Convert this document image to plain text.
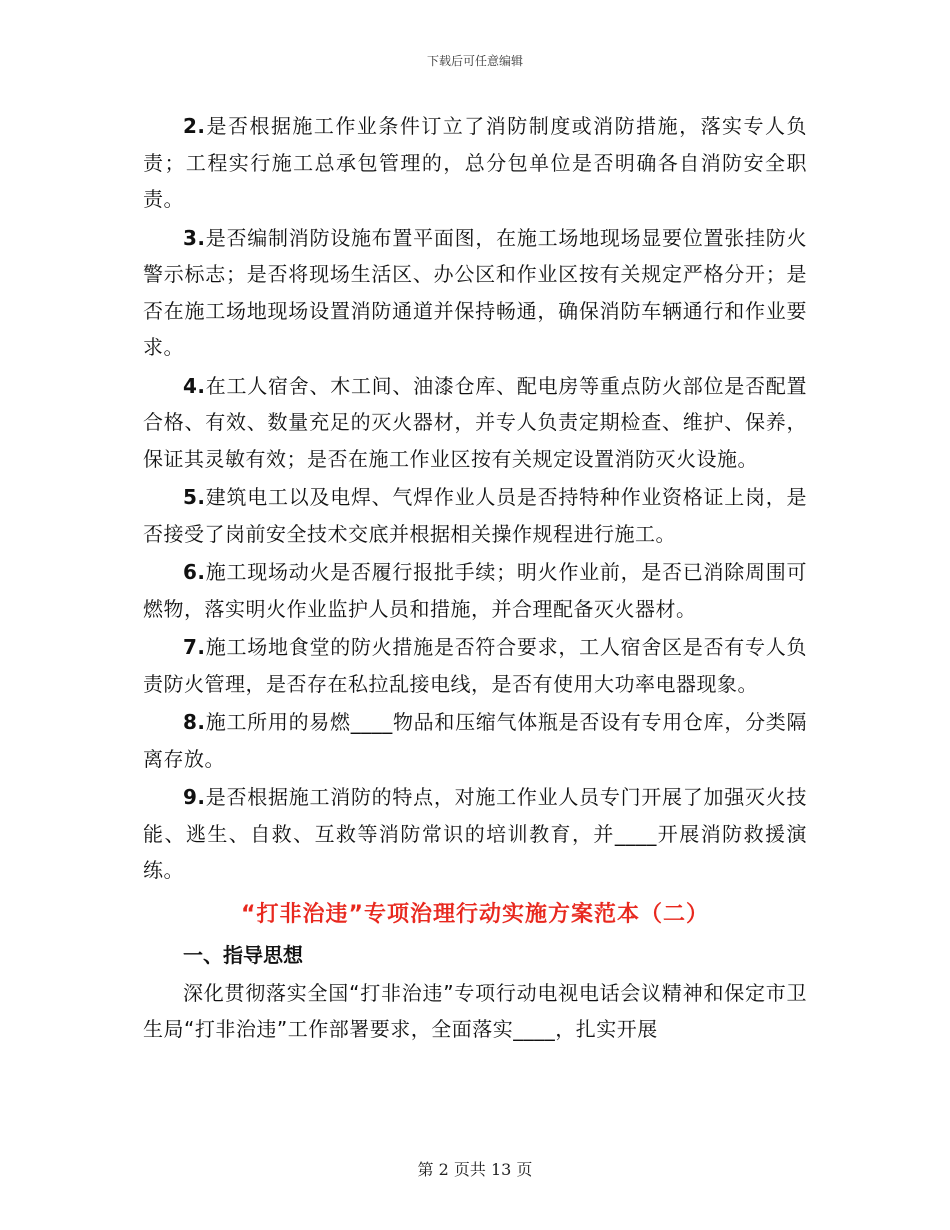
下载后可任意编辑

2.是否根据施工作业条件订立了消防制度或消防措施，落实专人负责；工程实行施工总承包管理的，总分包单位是否明确各自消防安全职责。

3.是否编制消防设施布置平面图，在施工场地现场显要位置张挂防火警示标志；是否将现场生活区、办公区和作业区按有关规定严格分开；是否在施工场地现场设置消防通道并保持畅通，确保消防车辆通行和作业要求。

4.在工人宿舍、木工间、油漆仓库、配电房等重点防火部位是否配置合格、有效、数量充足的灭火器材，并专人负责定期检查、维护、保养，保证其灵敏有效；是否在施工作业区按有关规定设置消防灭火设施。

5.建筑电工以及电焊、气焊作业人员是否持特种作业资格证上岗，是否接受了岗前安全技术交底并根据相关操作规程进行施工。

6.施工现场动火是否履行报批手续；明火作业前，是否已消除周围可燃物，落实明火作业监护人员和措施，并合理配备灭火器材。

7.施工场地食堂的防火措施是否符合要求，工人宿舍区是否有专人负责防火管理，是否存在私拉乱接电线，是否有使用大功率电器现象。

8.施工所用的易燃____物品和压缩气体瓶是否设有专用仓库，分类隔离存放。

9.是否根据施工消防的特点，对施工作业人员专门开展了加强灭火技能、逃生、自救、互救等消防常识的培训教育，并____开展消防救援演练。

“打非治违”专项治理行动实施方案范本（二）
一、指导思想

深化贯彻落实全国“打非治违”专项行动电视电话会议精神和保定市卫生局“打非治违”工作部署要求，全面落实____，扎实开展

第 2 页共 13 页
